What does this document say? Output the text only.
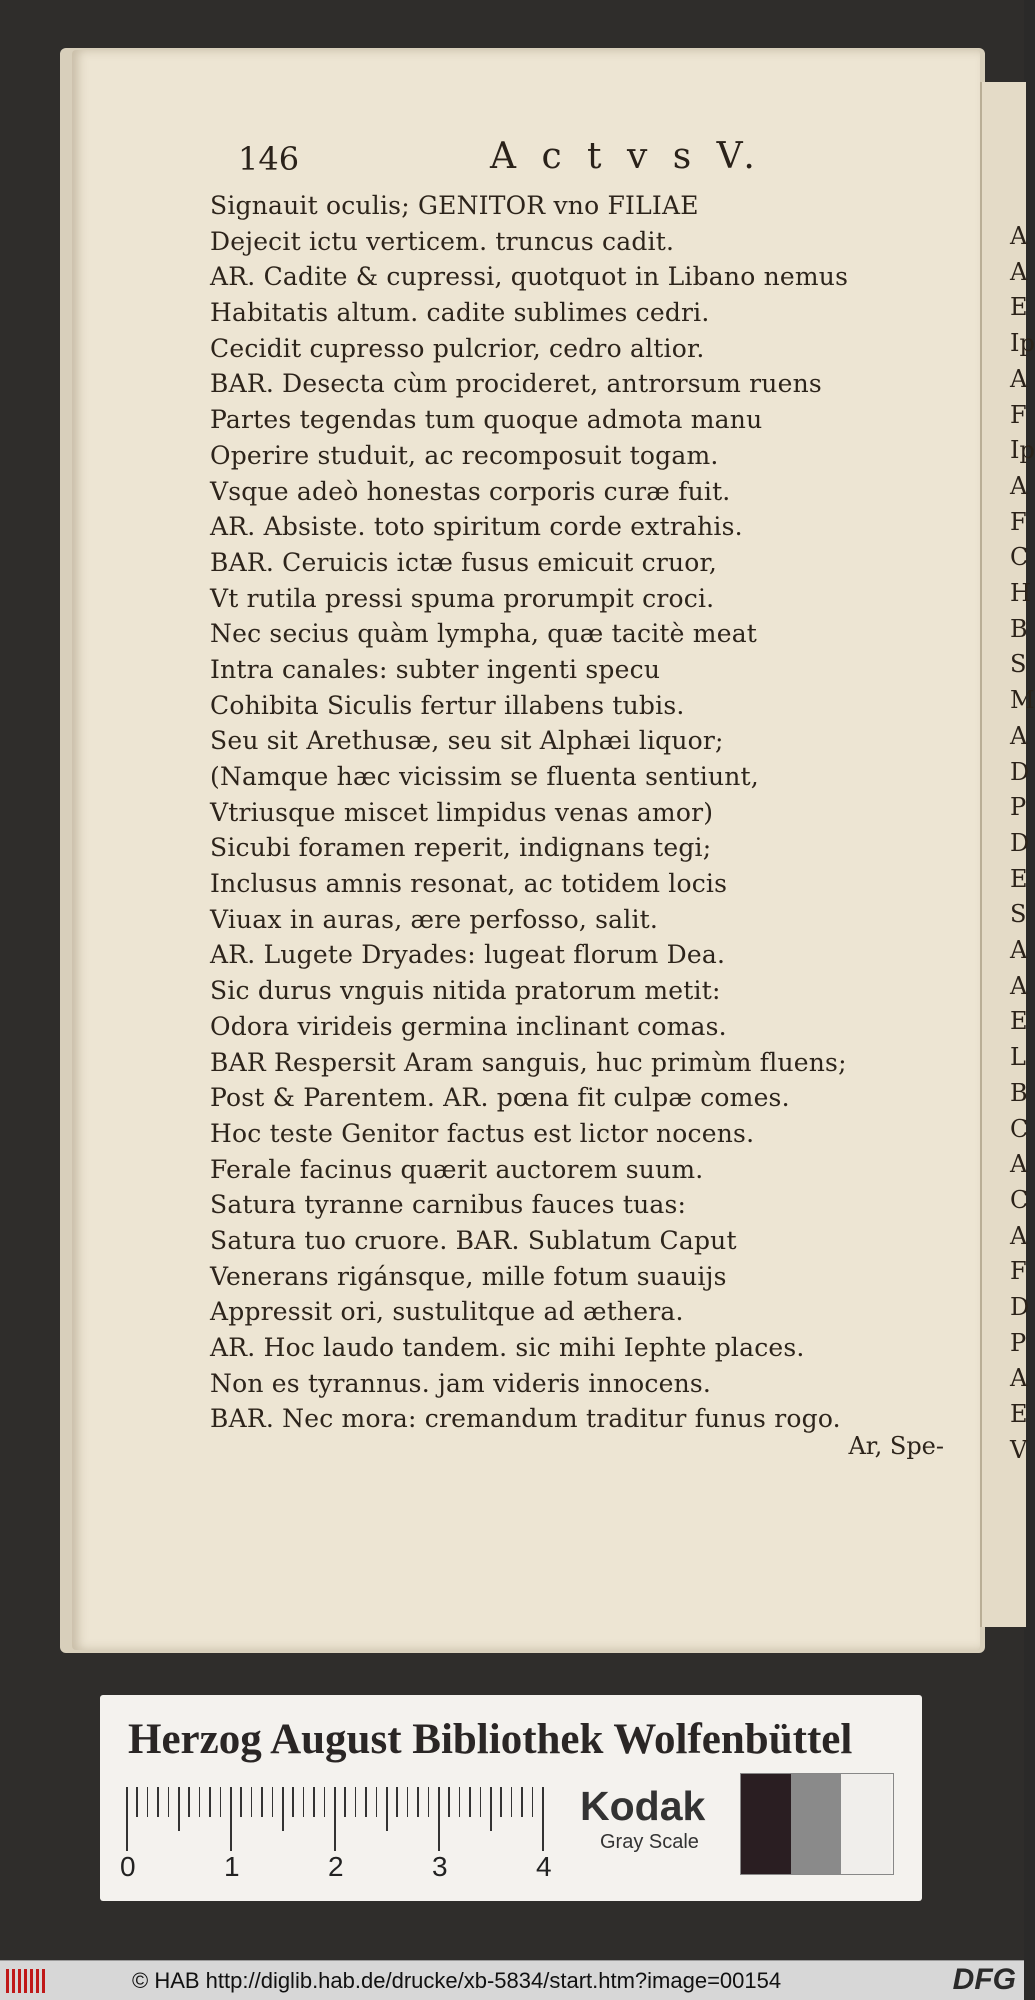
A
A
E
Ip
A
F
Ip
A
F
C
H
B
S
M
A
D
P
D
E
S
A
A
E
L
B
C
A
C
A
F
D
P
A
E
V
146	A c t v s V.
Signauit oculis; GENITOR vno FILIAE
Dejecit ictu verticem. truncus cadit.
AR. Cadite & cupressi, quotquot in Libano nemus
Habitatis altum. cadite sublimes cedri.
Cecidit cupresso pulcrior, cedro altior.
BAR. Desecta cùm procideret, antrorsum ruens
Partes tegendas tum quoque admota manu
Operire studuit, ac recomposuit togam.
Vsque adeò honestas corporis curæ fuit.
AR. Absiste. toto spiritum corde extrahis.
BAR. Ceruicis ictæ fusus emicuit cruor,
Vt rutila pressi spuma prorumpit croci.
Nec secius quàm lympha, quæ tacitè meat
Intra canales: subter ingenti specu
Cohibita Siculis fertur illabens tubis.
Seu sit Arethusæ, seu sit Alphæi liquor;
(Namque hæc vicissim se fluenta sentiunt,
Vtriusque miscet limpidus venas amor)
Sicubi foramen reperit, indignans tegi;
Inclusus amnis resonat, ac totidem locis
Viuax in auras, ære perfosso, salit.
AR. Lugete Dryades: lugeat florum Dea.
Sic durus vnguis nitida pratorum metit:
Odora virideis germina inclinant comas.
BAR Respersit Aram sanguis, huc primùm fluens;
Post & Parentem. AR. pœna fit culpæ comes.
Hoc teste Genitor factus est lictor nocens.
Ferale facinus quærit auctorem suum.
Satura tyranne carnibus fauces tuas:
Satura tuo cruore. BAR. Sublatum Caput
Venerans rigánsque, mille fotum suauijs
Appressit ori, sustulitque ad æthera.
AR. Hoc laudo tandem. sic mihi Iephte places.
Non es tyrannus. jam videris innocens.
BAR. Nec mora: cremandum traditur funus rogo.
Ar, Spe-
Herzog August Bibliothek Wolfenbüttel
0	1	2	3	4
Kodak
Gray Scale
© HAB http://diglib.hab.de/drucke/xb-5834/start.htm?image=00154	DFG
